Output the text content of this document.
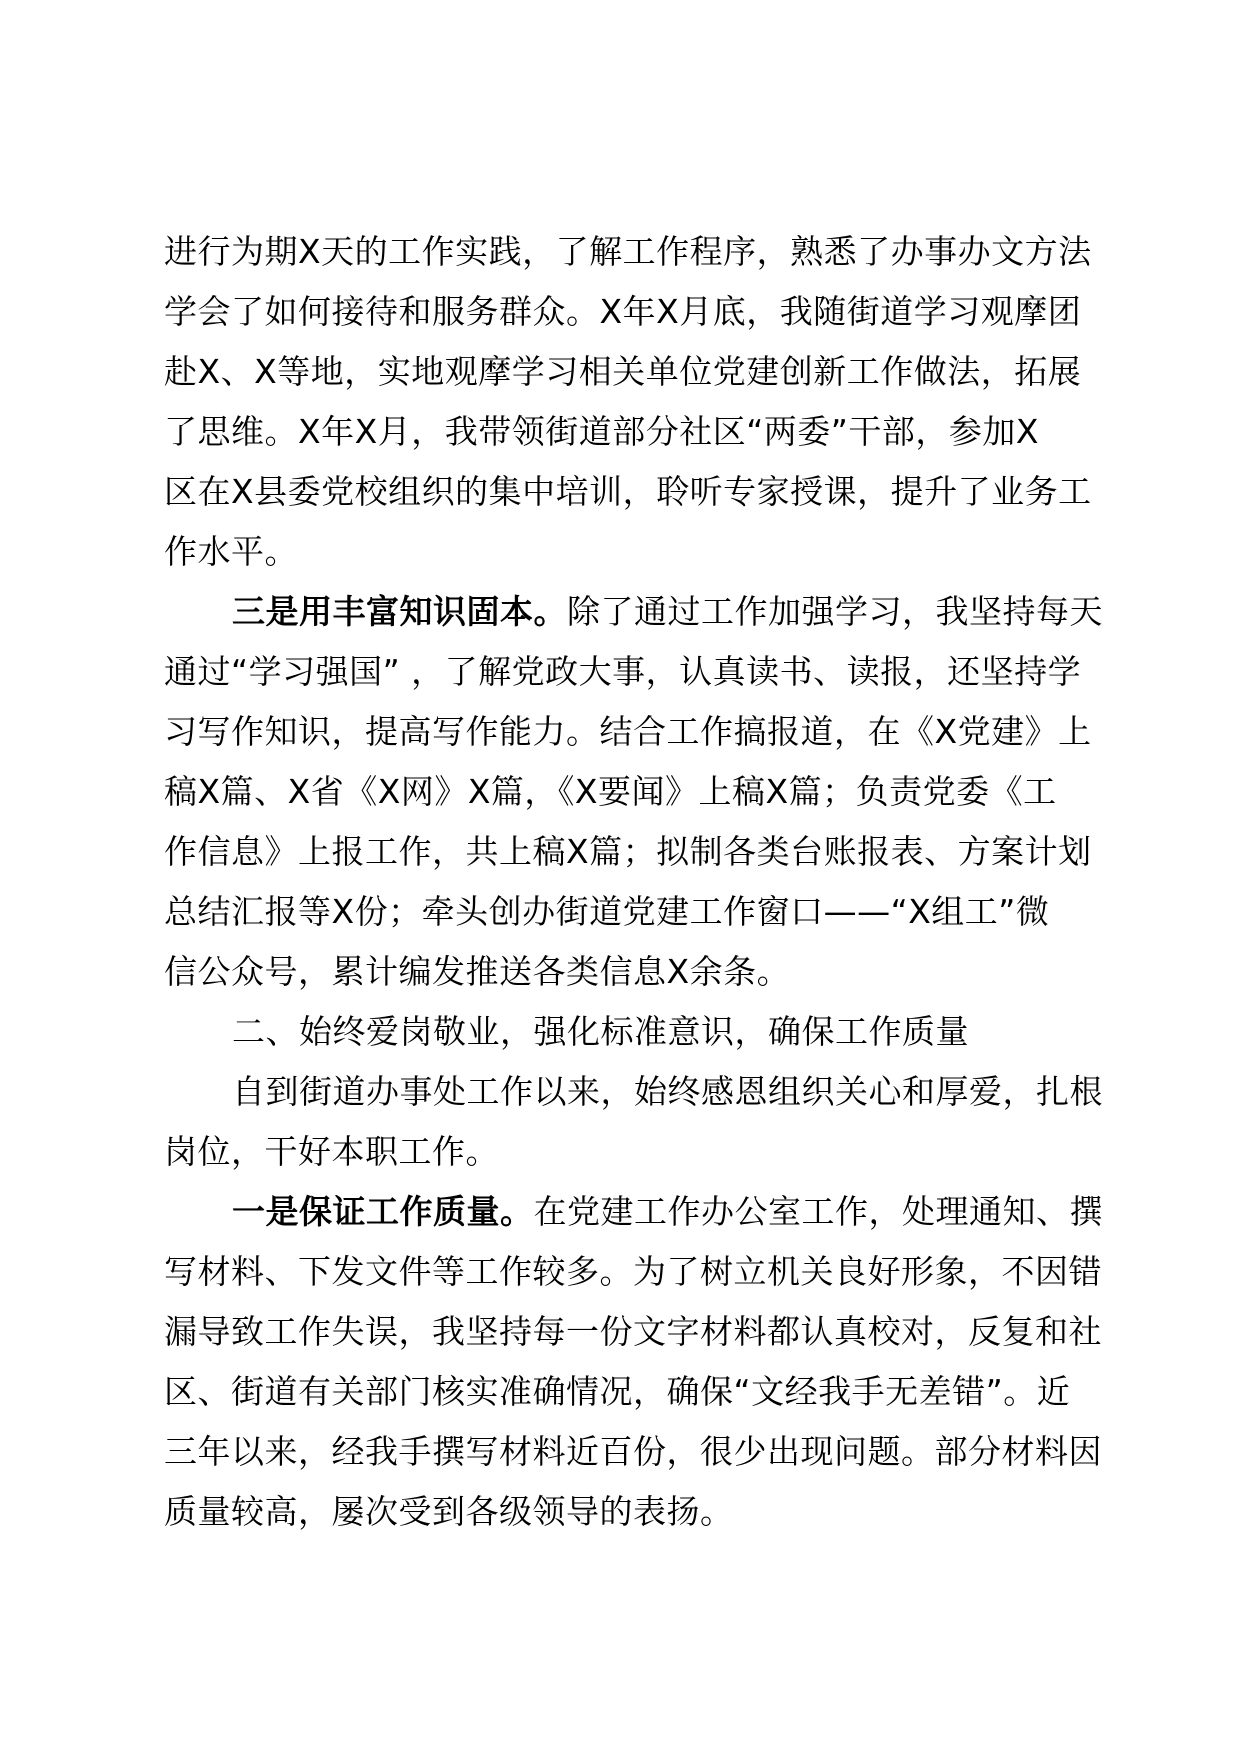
进行为期X天的工作实践，了解工作程序，熟悉了办事办文方法
学会了如何接待和服务群众。X年X月底，我随街道学习观摩团
赴X、X等地，实地观摩学习相关单位党建创新工作做法，拓展
了思维。X年X月，我带领街道部分社区“两委”干部，参加X
区在X县委党校组织的集中培训，聆听专家授课，提升了业务工
作水平。

三是用丰富知识固本。除了通过工作加强学习，我坚持每天
通过“学习强国” ，了解党政大事，认真读书、读报，还坚持学
习写作知识，提高写作能力。结合工作搞报道，在《X党建》上
稿X篇、X省《X网》X篇，《X要闻》上稿X篇；负责党委《工
作信息》上报工作，共上稿X篇；拟制各类台账报表、方案计划
总结汇报等X份；牵头创办街道党建工作窗口——“X组工”微
信公众号，累计编发推送各类信息X余条。

二、始终爱岗敬业，强化标准意识，确保工作质量

自到街道办事处工作以来，始终感恩组织关心和厚爱，扎根
岗位，干好本职工作。

一是保证工作质量。在党建工作办公室工作，处理通知、撰
写材料、下发文件等工作较多。为了树立机关良好形象，不因错
漏导致工作失误，我坚持每一份文字材料都认真校对，反复和社
区、街道有关部门核实准确情况，确保“文经我手无差错”。近
三年以来，经我手撰写材料近百份，很少出现问题。部分材料因
质量较高，屡次受到各级领导的表扬。
